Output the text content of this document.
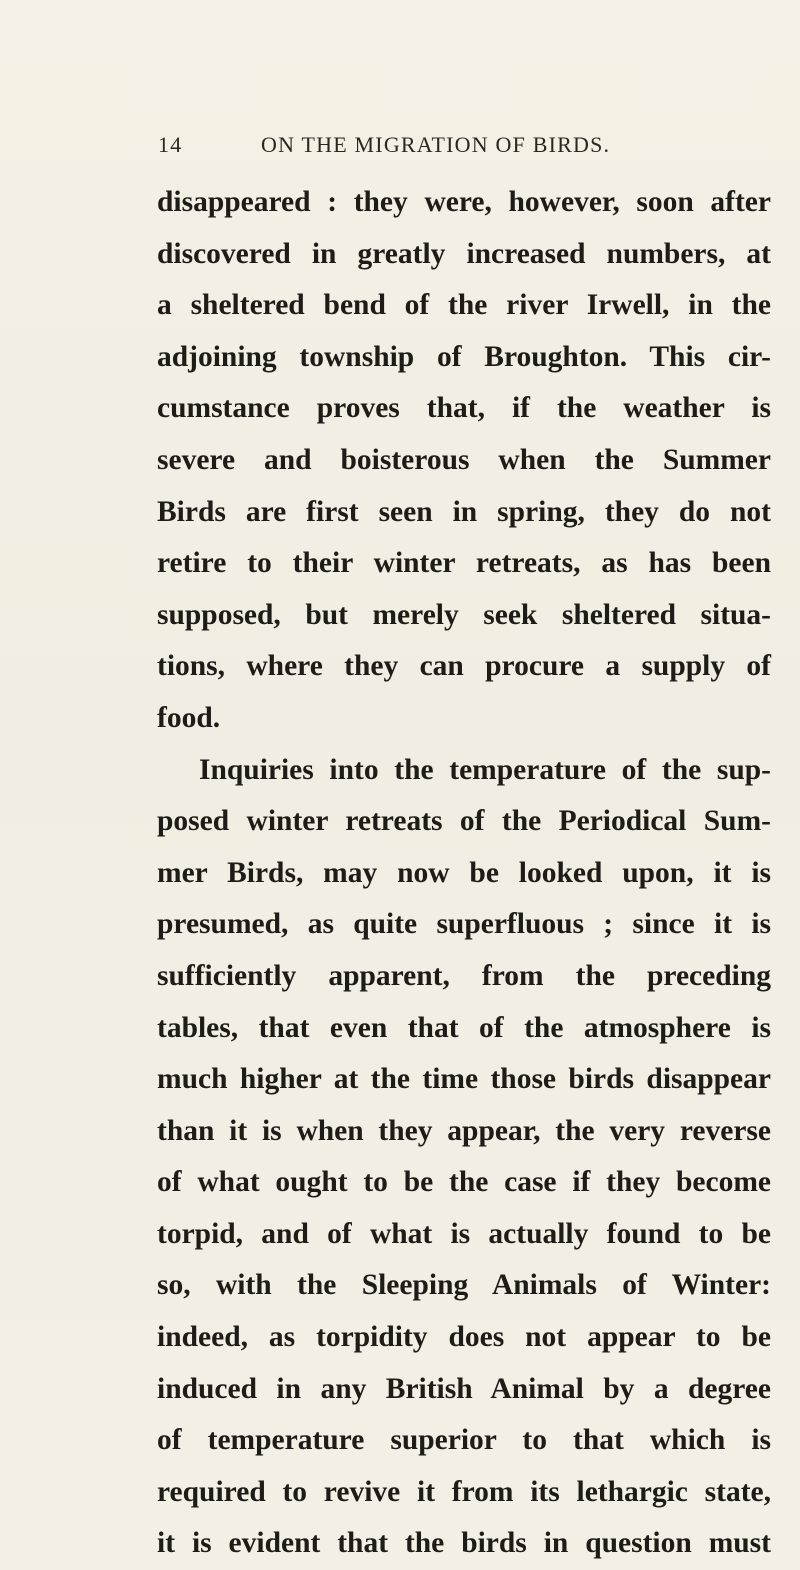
14	ON THE MIGRATION OF BIRDS.
disappeared : they were, however, soon after
discovered in greatly increased numbers, at
a sheltered bend of the river Irwell, in the
adjoining township of Broughton. This cir-
cumstance proves that, if the weather is
severe and boisterous when the Summer
Birds are first seen in spring, they do not
retire to their winter retreats, as has been
supposed, but merely seek sheltered situa-
tions, where they can procure a supply of
food.
Inquiries into the temperature of the sup-
posed winter retreats of the Periodical Sum-
mer Birds, may now be looked upon, it is
presumed, as quite superfluous ; since it is
sufficiently apparent, from the preceding
tables, that even that of the atmosphere is
much higher at the time those birds disappear
than it is when they appear, the very reverse
of what ought to be the case if they become
torpid, and of what is actually found to be
so, with the Sleeping Animals of Winter:
indeed, as torpidity does not appear to be
induced in any British Animal by a degree
of temperature superior to that which is
required to revive it from its lethargic state,
it is evident that the birds in question must
